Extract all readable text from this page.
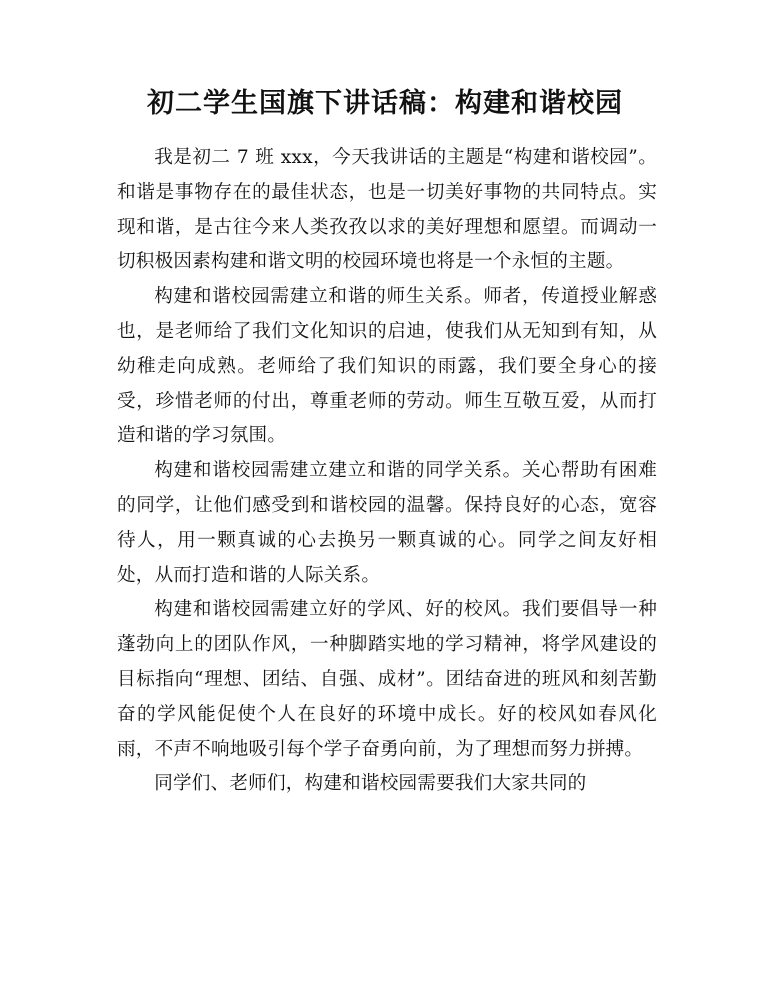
初二学生国旗下讲话稿：构建和谐校园

我是初二 7 班 xxx，今天我讲话的主题是“构建和谐校园”。和谐是事物存在的最佳状态，也是一切美好事物的共同特点。实现和谐，是古往今来人类孜孜以求的美好理想和愿望。而调动一切积极因素构建和谐文明的校园环境也将是一个永恒的主题。

构建和谐校园需建立和谐的师生关系。师者，传道授业解惑也，是老师给了我们文化知识的启迪，使我们从无知到有知，从幼稚走向成熟。老师给了我们知识的雨露，我们要全身心的接受，珍惜老师的付出，尊重老师的劳动。师生互敬互爱，从而打造和谐的学习氛围。

构建和谐校园需建立建立和谐的同学关系。关心帮助有困难的同学，让他们感受到和谐校园的温馨。保持良好的心态，宽容待人，用一颗真诚的心去换另一颗真诚的心。同学之间友好相处，从而打造和谐的人际关系。

构建和谐校园需建立好的学风、好的校风。我们要倡导一种蓬勃向上的团队作风，一种脚踏实地的学习精神，将学风建设的目标指向“理想、团结、自强、成材”。团结奋进的班风和刻苦勤奋的学风能促使个人在良好的环境中成长。好的校风如春风化雨，不声不响地吸引每个学子奋勇向前，为了理想而努力拼搏。

同学们、老师们，构建和谐校园需要我们大家共同的
